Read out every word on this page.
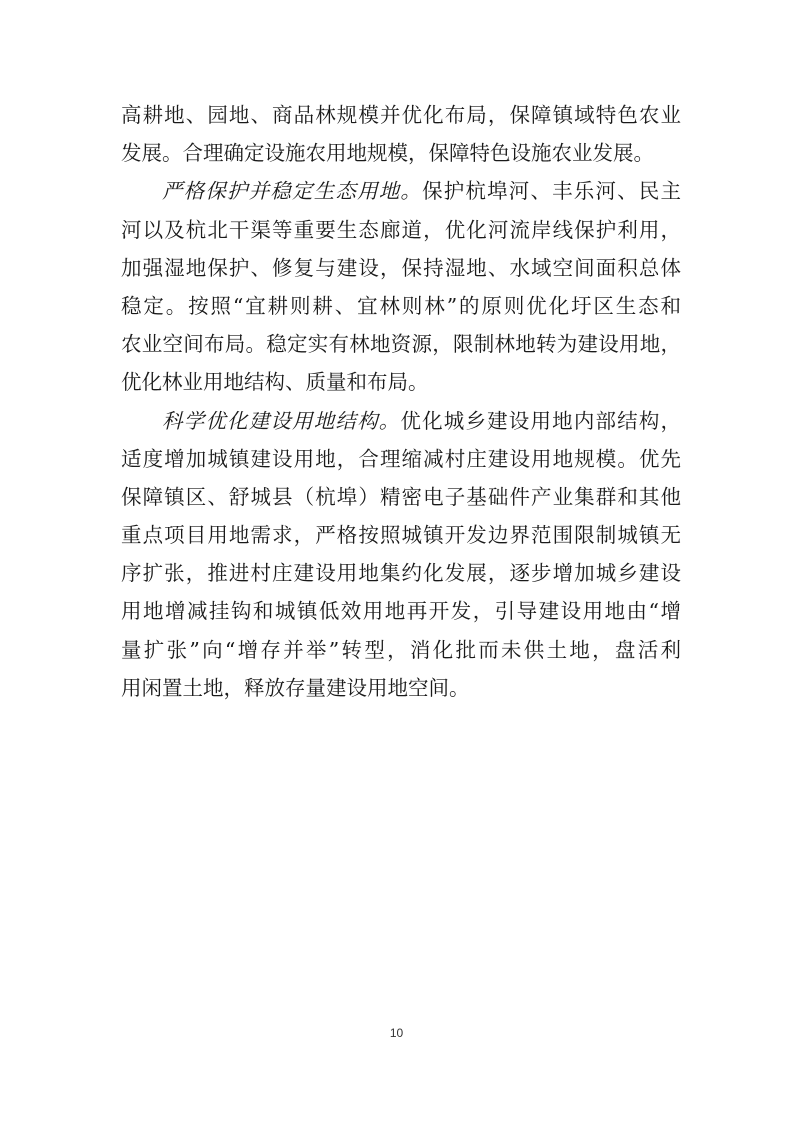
高耕地、园地、商品林规模并优化布局，保障镇域特色农业
发展。合理确定设施农用地规模，保障特色设施农业发展。
严格保护并稳定生态用地。保护杭埠河、丰乐河、民主
河以及杭北干渠等重要生态廊道，优化河流岸线保护利用，
加强湿地保护、修复与建设，保持湿地、水域空间面积总体
稳定。按照“宜耕则耕、宜林则林”的原则优化圩区生态和
农业空间布局。稳定实有林地资源，限制林地转为建设用地，
优化林业用地结构、质量和布局。
科学优化建设用地结构。优化城乡建设用地内部结构，
适度增加城镇建设用地，合理缩减村庄建设用地规模。优先
保障镇区、舒城县（杭埠）精密电子基础件产业集群和其他
重点项目用地需求，严格按照城镇开发边界范围限制城镇无
序扩张，推进村庄建设用地集约化发展，逐步增加城乡建设
用地增减挂钩和城镇低效用地再开发，引导建设用地由“增
量扩张”向“增存并举”转型，消化批而未供土地，盘活利
用闲置土地，释放存量建设用地空间。
10
